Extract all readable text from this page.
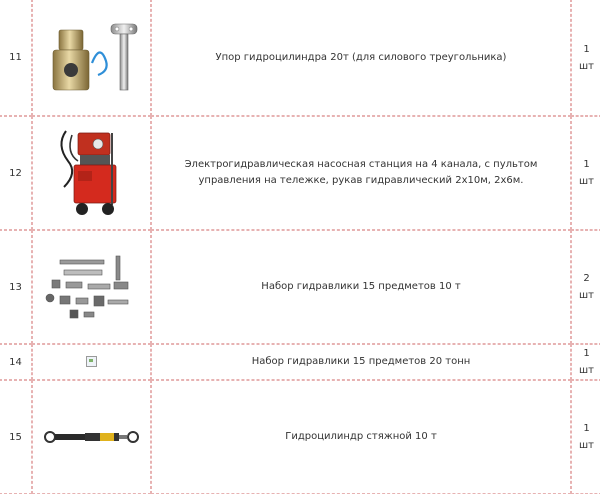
11		Упор гидроцилиндра 20т (для силового треугольника)	1
шт	
12		Электрогидравлическая насосная станция на 4 канала, с пультом
управления на тележке, рукав гидравлический 2х10м, 2х6м.	1
шт	
13		Набор гидравлики 15 предметов 10 т	2
шт	
14		Набор гидравлики 15 предметов 20 тонн	1
шт	
15		Гидроцилиндр стяжной 10 т	1
шт	
